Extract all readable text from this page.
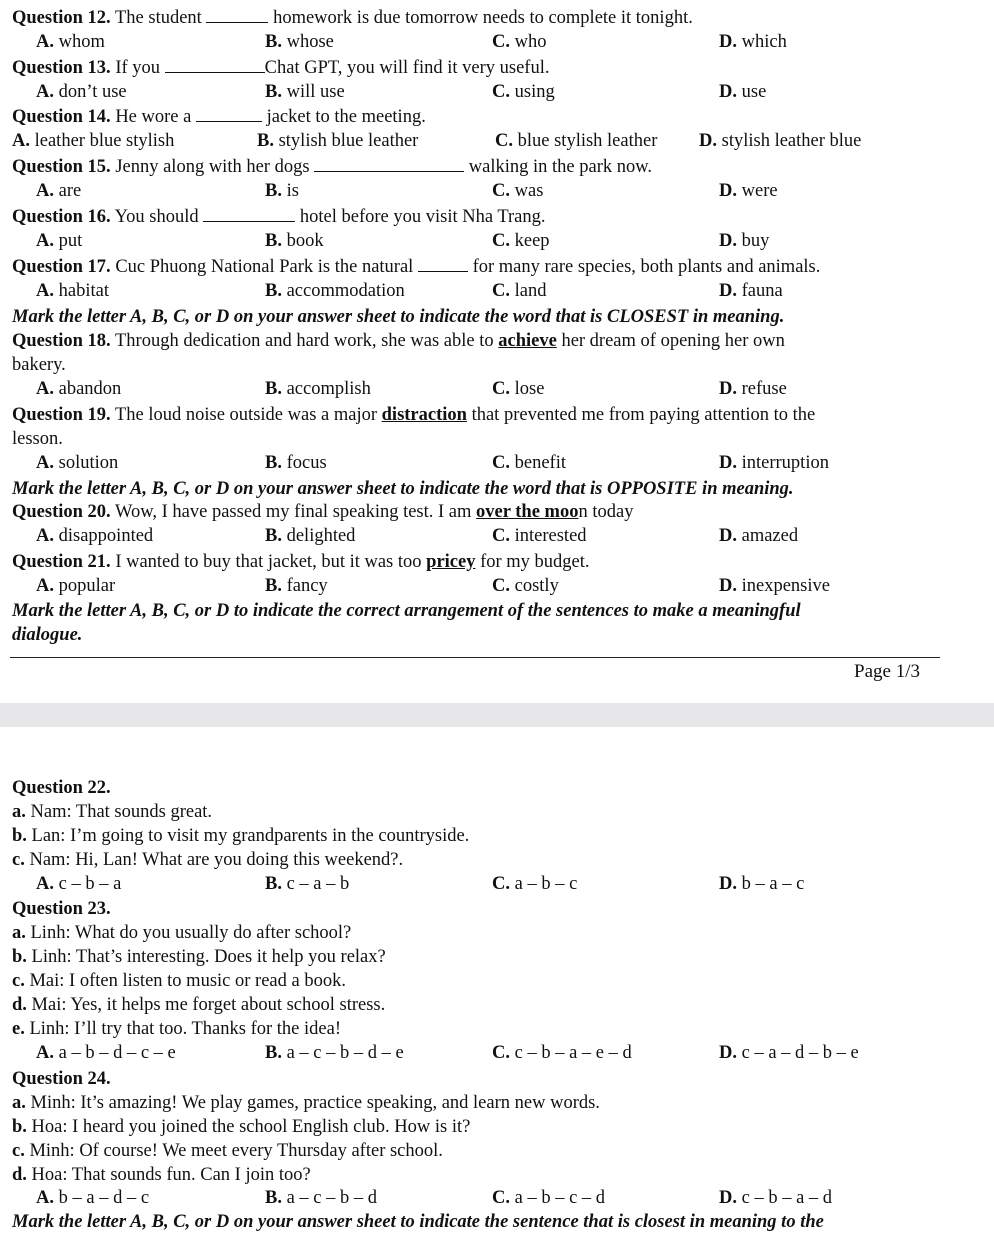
Question 12. The student	homework is due tomorrow needs to complete it tonight.
A. whom	B. whose	C. who	D. which
Question 13. If you	Chat GPT, you will find it very useful.
A. don’t use	B. will use	C. using	D. use
Question 14. He wore a	jacket to the meeting.
A. leather blue stylish	B. stylish blue leather	C. blue stylish leather D. stylish leather blue
Question 15. Jenny along with her dogs	walking in the park now.
A. are	B. is	C. was	D. were
Question 16. You should	hotel before you visit Nha Trang.
A. put	B. book	C. keep	D. buy
Question 17. Cuc Phuong National Park is the natural	for many rare species, both plants and animals.
A. habitat	B. accommodation	C. land	D. fauna
Mark the letter A, B, C, or D on your answer sheet to indicate the word that is CLOSEST in meaning.
Question 18. Through dedication and hard work, she was able to achieve her dream of opening her own
bakery.
A. abandon	B. accomplish	C. lose	D. refuse
Question 19. The loud noise outside was a major distraction that prevented me from paying attention to the
lesson.
A. solution	B. focus	C. benefit	D. interruption
Mark the letter A, B, C, or D on your answer sheet to indicate the word that is OPPOSITE in meaning.
Question 20. Wow, I have passed my final speaking test. I am over the moon today
A. disappointed	B. delighted	C. interested	D. amazed
Question 21. I wanted to buy that jacket, but it was too pricey for my budget.
A. popular	B. fancy	C. costly	D. inexpensive
Mark the letter A, B, C, or D to indicate the correct arrangement of the sentences to make a meaningful
dialogue.
Page 1/3
Question 22.
a. Nam: That sounds great.
b. Lan: I’m going to visit my grandparents in the countryside.
c. Nam: Hi, Lan! What are you doing this weekend?.
A. c – b – a	B. c – a – b	C. a – b – c	D. b – a – c
Question 23.
a. Linh: What do you usually do after school?
b. Linh: That’s interesting. Does it help you relax?
c. Mai: I often listen to music or read a book.
d. Mai: Yes, it helps me forget about school stress.
e. Linh: I’ll try that too. Thanks for the idea!
A. a – b – d – c – e	B. a – c – b – d – e	C. c – b – a – e – d	D. c – a – d – b – e
Question 24.
a. Minh: It’s amazing! We play games, practice speaking, and learn new words.
b. Hoa: I heard you joined the school English club. How is it?
c. Minh: Of course! We meet every Thursday after school.
d. Hoa: That sounds fun. Can I join too?
A. b – a – d – c	B. a – c – b – d	C. a – b – c – d	D. c – b – a – d
Mark the letter A, B, C, or D on your answer sheet to indicate the sentence that is closest in meaning to the
